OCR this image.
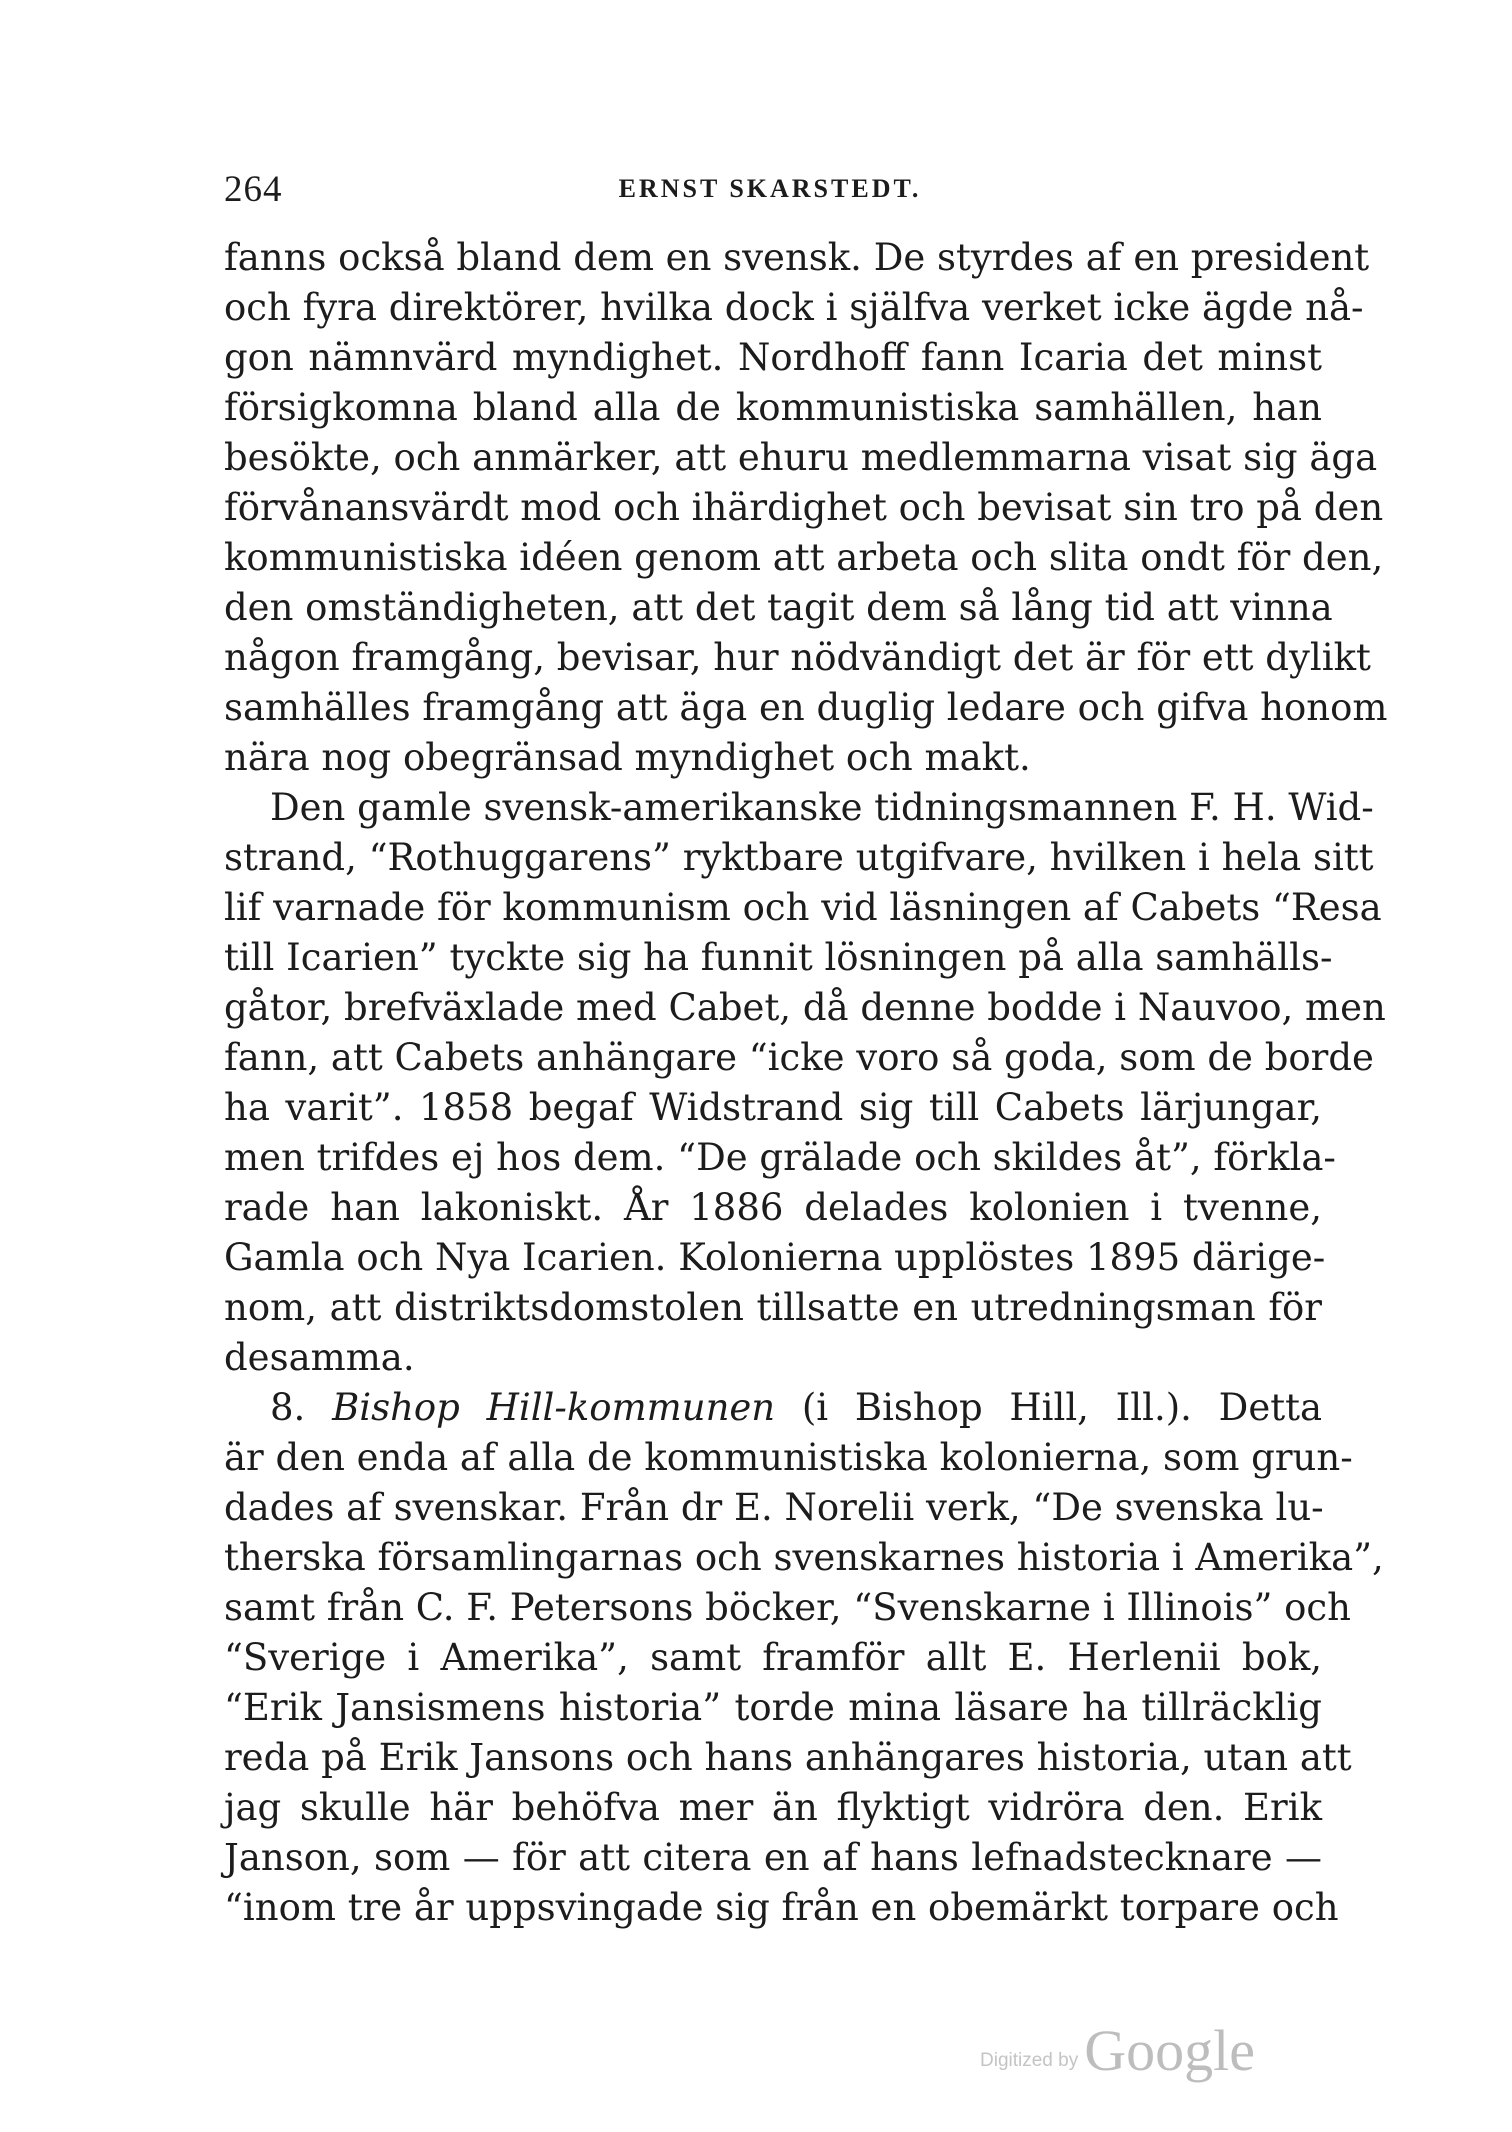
264	ERNST SKARSTEDT.
fanns också bland dem en svensk. De styrdes af en president
och fyra direktörer, hvilka dock i själfva verket icke ägde nå-
gon nämnvärd myndighet. Nordhoff fann Icaria det minst
försigkomna bland alla de kommunistiska samhällen, han
besökte, och anmärker, att ehuru medlemmarna visat sig äga
förvånansvärdt mod och ihärdighet och bevisat sin tro på den
kommunistiska idéen genom att arbeta och slita ondt för den,
den omständigheten, att det tagit dem så lång tid att vinna
någon framgång, bevisar, hur nödvändigt det är för ett dylikt
samhälles framgång att äga en duglig ledare och gifva honom
nära nog obegränsad myndighet och makt.
Den gamle svensk-amerikanske tidningsmannen F. H. Wid-
strand, “Rothuggarens” ryktbare utgifvare, hvilken i hela sitt
lif varnade för kommunism och vid läsningen af Cabets “Resa
till Icarien” tyckte sig ha funnit lösningen på alla samhälls-
gåtor, brefväxlade med Cabet, då denne bodde i Nauvoo, men
fann, att Cabets anhängare “icke voro så goda, som de borde
ha varit”. 1858 begaf Widstrand sig till Cabets lärjungar,
men trifdes ej hos dem. “De grälade och skildes åt”, förkla-
rade han lakoniskt. År 1886 delades kolonien i tvenne,
Gamla och Nya Icarien. Kolonierna upplöstes 1895 därige-
nom, att distriktsdomstolen tillsatte en utredningsman för
desamma.
8. Bishop Hill-kommunen (i Bishop Hill, Ill.). Detta
är den enda af alla de kommunistiska kolonierna, som grun-
dades af svenskar. Från dr E. Norelii verk, “De svenska lu-
therska församlingarnas och svenskarnes historia i Amerika”,
samt från C. F. Petersons böcker, “Svenskarne i Illinois” och
“Sverige i Amerika”, samt framför allt E. Herlenii bok,
“Erik Jansismens historia” torde mina läsare ha tillräcklig
reda på Erik Jansons och hans anhängares historia, utan att
jag skulle här behöfva mer än flyktigt vidröra den. Erik
Janson, som — för att citera en af hans lefnadstecknare —
“inom tre år uppsvingade sig från en obemärkt torpare och
Digitized by Google
